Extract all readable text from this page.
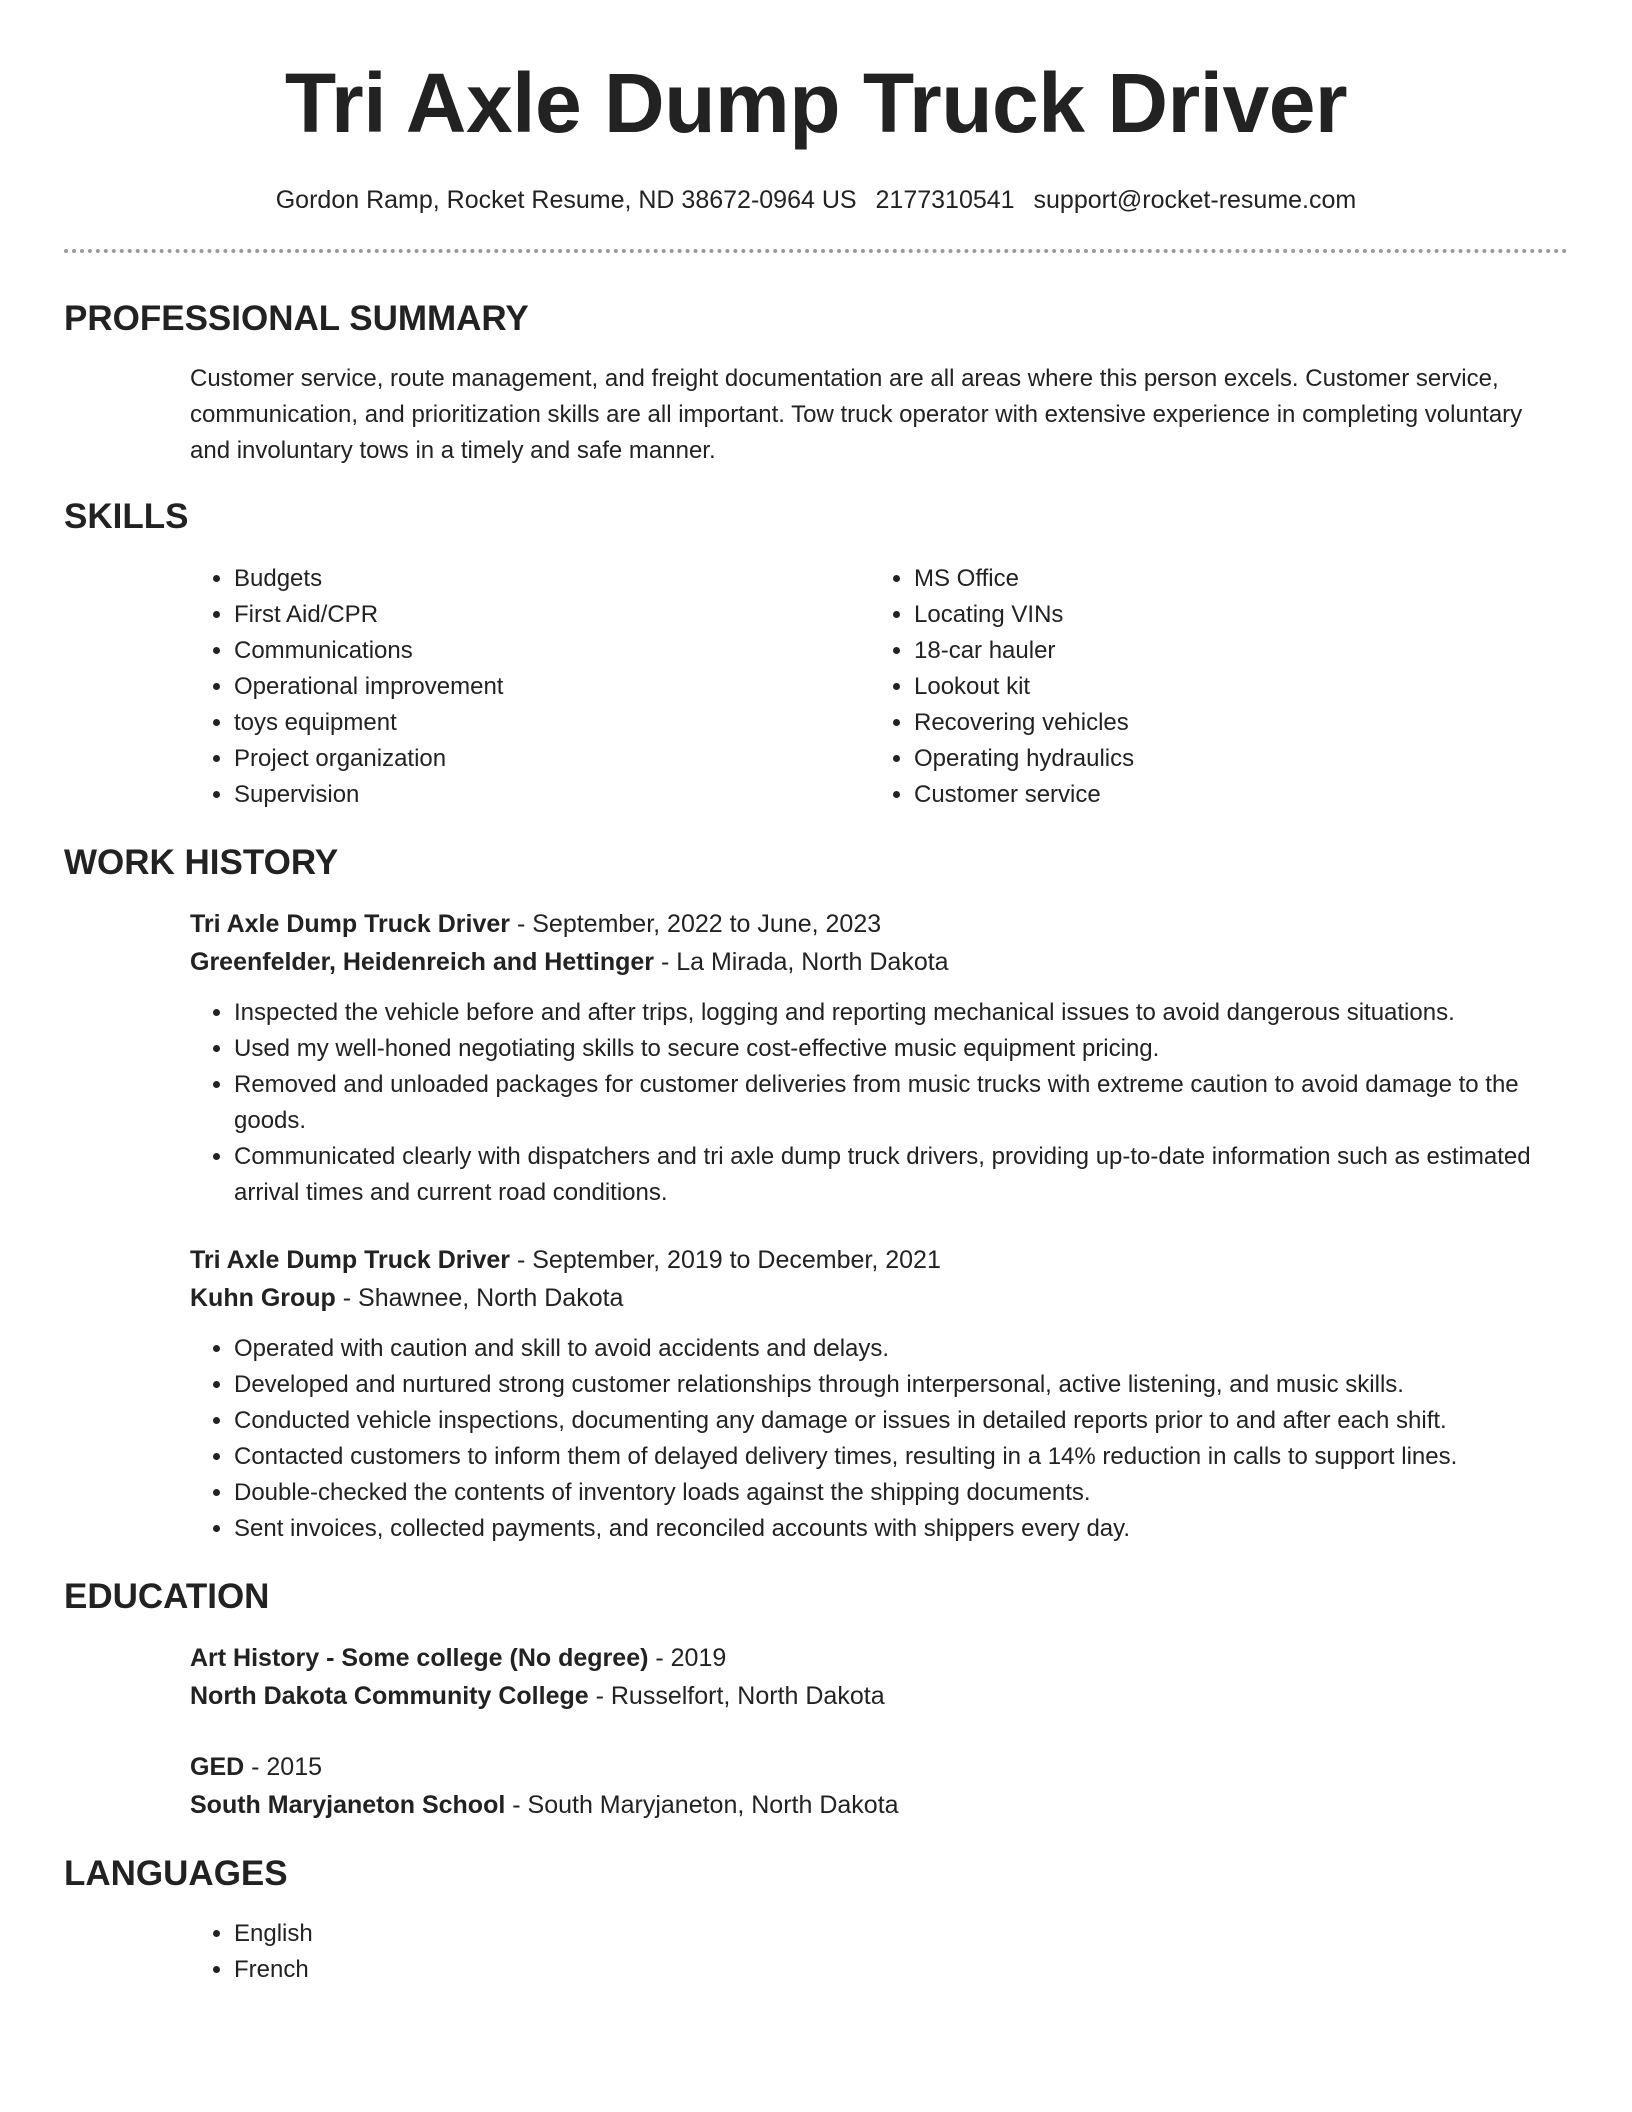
Tri Axle Dump Truck Driver
Gordon Ramp, Rocket Resume, ND 38672-0964 US 2177310541 support@rocket-resume.com
PROFESSIONAL SUMMARY

Customer service, route management, and freight documentation are all areas where this person excels. Customer service, communication, and prioritization skills are all important. Tow truck operator with extensive experience in completing voluntary and involuntary tows in a timely and safe manner.

SKILLS
• Budgets
• First Aid/CPR
• Communications
• Operational improvement
• toys equipment
• Project organization
• Supervision
• MS Office
• Locating VINs
• 18-car hauler
• Lookout kit
• Recovering vehicles
• Operating hydraulics
• Customer service
WORK HISTORY

Tri Axle Dump Truck Driver - September, 2022 to June, 2023

Greenfelder, Heidenreich and Hettinger - La Mirada, North Dakota

• Inspected the vehicle before and after trips, logging and reporting mechanical issues to avoid dangerous situations.
• Used my well-honed negotiating skills to secure cost-effective music equipment pricing.
• Removed and unloaded packages for customer deliveries from music trucks with extreme caution to avoid damage to the goods.
• Communicated clearly with dispatchers and tri axle dump truck drivers, providing up-to-date information such as estimated arrival times and current road conditions.

Tri Axle Dump Truck Driver - September, 2019 to December, 2021

Kuhn Group - Shawnee, North Dakota

• Operated with caution and skill to avoid accidents and delays.
• Developed and nurtured strong customer relationships through interpersonal, active listening, and music skills.
• Conducted vehicle inspections, documenting any damage or issues in detailed reports prior to and after each shift.
• Contacted customers to inform them of delayed delivery times, resulting in a 14% reduction in calls to support lines.
• Double-checked the contents of inventory loads against the shipping documents.
• Sent invoices, collected payments, and reconciled accounts with shippers every day.
EDUCATION

Art History - Some college (No degree) - 2019

North Dakota Community College - Russelfort, North Dakota

GED - 2015

South Maryjaneton School - South Maryjaneton, North Dakota

LANGUAGES
• English
• French
